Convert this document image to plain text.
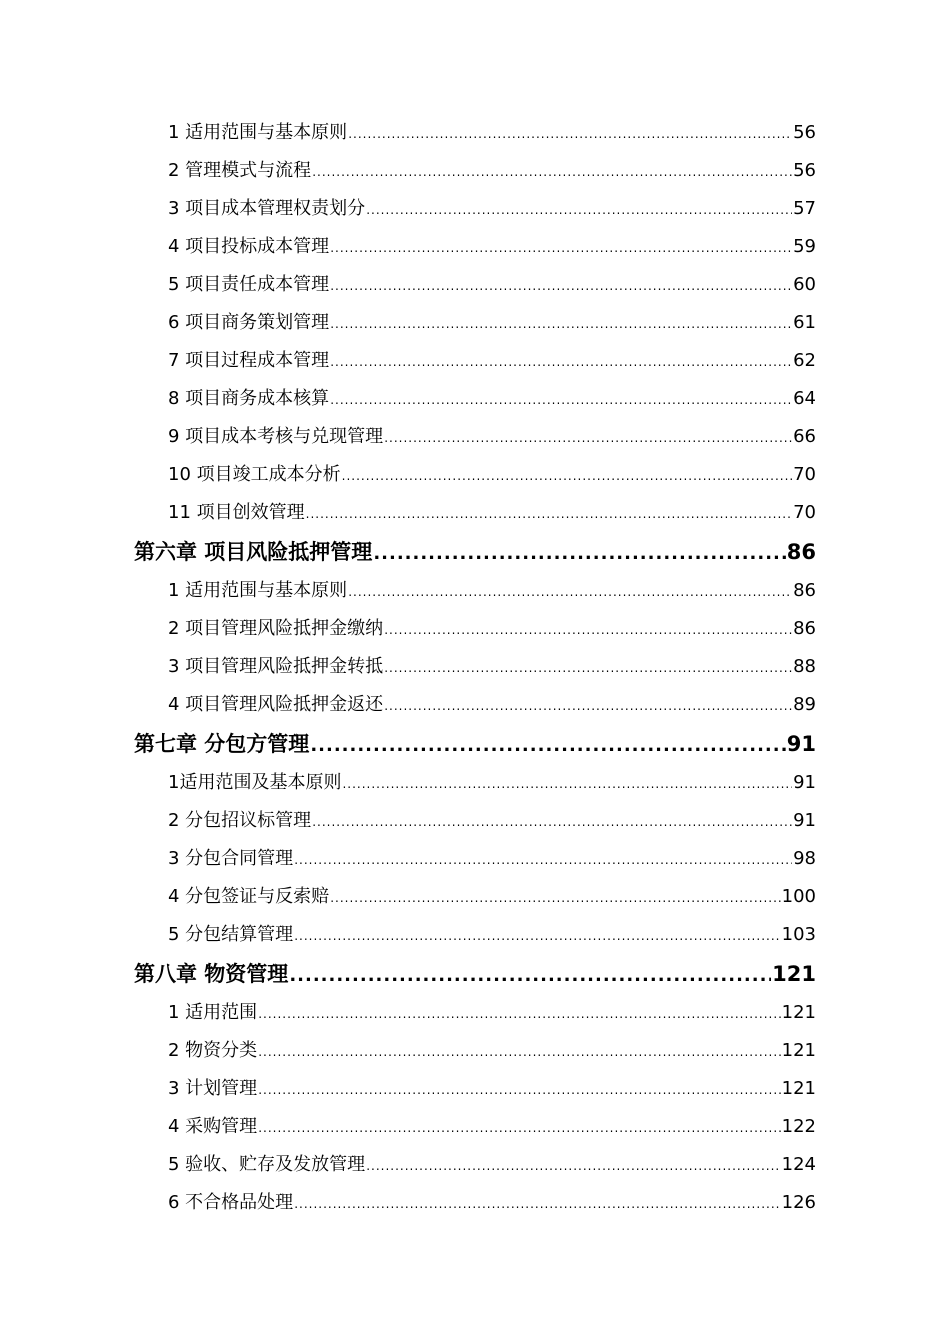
1 适用范围与基本原则 .....	56
2 管理模式与流程 .....	56
3 项目成本管理权责划分 .....	57
4 项目投标成本管理 .....	59
5 项目责任成本管理 .....	60
6 项目商务策划管理 .....	61
7 项目过程成本管理 .....	62
8 项目商务成本核算 .....	64
9 项目成本考核与兑现管理 .....	66
10 项目竣工成本分析 .....	70
11 项目创效管理 .....	70
第六章 项目风险抵押管理 .....	86
1 适用范围与基本原则 .....	86
2 项目管理风险抵押金缴纳 .....	86
3 项目管理风险抵押金转抵 .....	88
4 项目管理风险抵押金返还 .....	89
第七章 分包方管理 .....	91
1适用范围及基本原则 .....	91
2 分包招议标管理 .....	91
3 分包合同管理 .....	98
4 分包签证与反索赔 .....	100
5 分包结算管理 .....	103
第八章 物资管理 .....	121
1 适用范围 .....	121
2 物资分类 .....	121
3 计划管理 .....	121
4 采购管理 .....	122
5 验收、贮存及发放管理 .....	124
6 不合格品处理 .....	126
